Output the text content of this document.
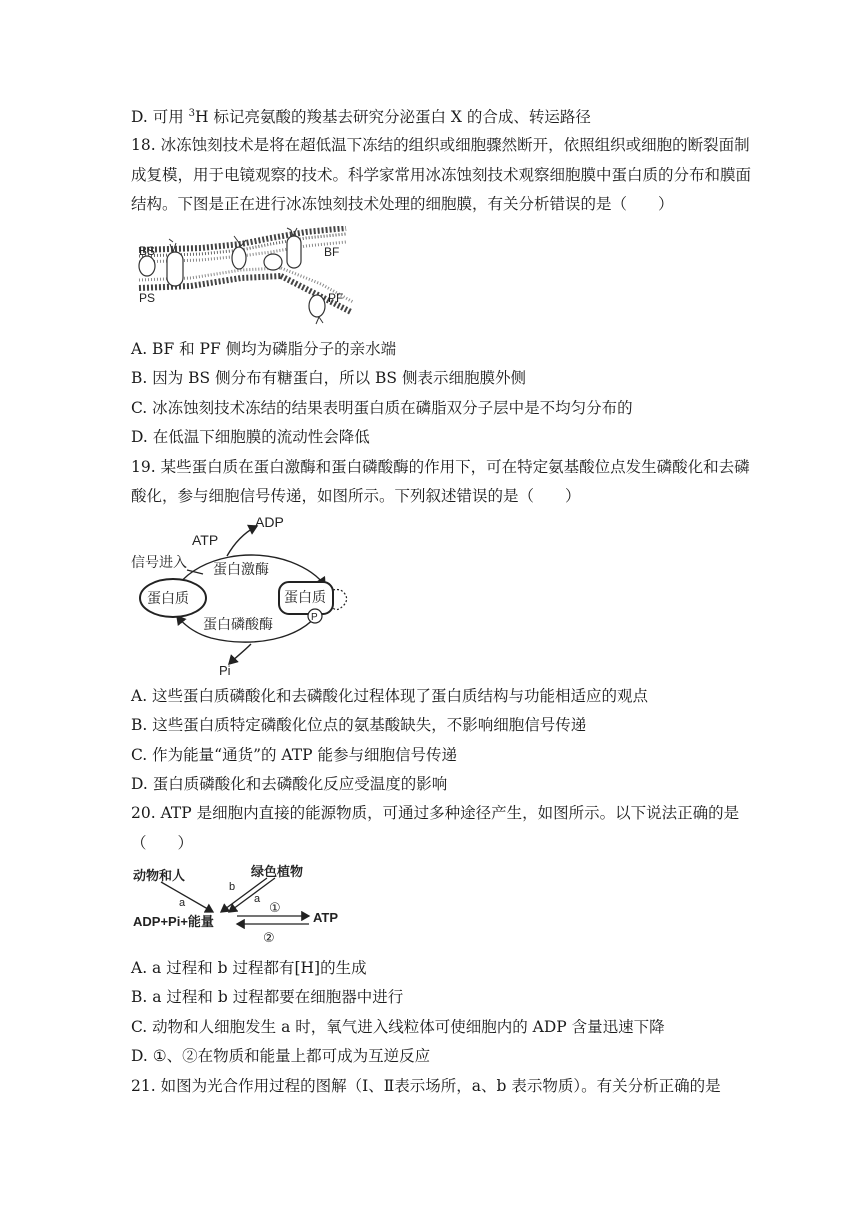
D. 可用 $^3$H 标记亮氨酸的羧基去研究分泌蛋白 X 的合成、转运路径
18. 冰冻蚀刻技术是将在超低温下冻结的组织或细胞骤然断开，依照组织或细胞的断裂面制
成复模，用于电镜观察的技术。科学家常用冰冻蚀刻技术观察细胞膜中蛋白质的分布和膜面
结构。下图是正在进行冰冻蚀刻技术处理的细胞膜，有关分析错误的是（　　）
BS
PS
BF
PF
A. BF 和 PF 侧均为磷脂分子的亲水端
B. 因为 BS 侧分布有糖蛋白，所以 BS 侧表示细胞膜外侧
C. 冰冻蚀刻技术冻结的结果表明蛋白质在磷脂双分子层中是不均匀分布的
D. 在低温下细胞膜的流动性会降低
19. 某些蛋白质在蛋白激酶和蛋白磷酸酶的作用下，可在特定氨基酸位点发生磷酸化和去磷
酸化，参与细胞信号传递，如图所示。下列叙述错误的是（　　）
ADP
ATP
信号进入 蛋白激酶
蛋白质	蛋白质
P
蛋白磷酸酶
Pi
A. 这些蛋白质磷酸化和去磷酸化过程体现了蛋白质结构与功能相适应的观点
B. 这些蛋白质特定磷酸化位点的氨基酸缺失，不影响细胞信号传递
C. 作为能量“通货”的 ATP 能参与细胞信号传递
D. 蛋白质磷酸化和去磷酸化反应受温度的影响
20. ATP 是细胞内直接的能源物质，可通过多种途径产生，如图所示。以下说法正确的是
（　　）
动物和人	绿色植物
a
b
a
①
ADP+Pi+能量	ATP
②
A. a 过程和 b 过程都有[H]的生成
B. a 过程和 b 过程都要在细胞器中进行
C. 动物和人细胞发生 a 时，氧气进入线粒体可使细胞内的 ADP 含量迅速下降
D. ①、②在物质和能量上都可成为互逆反应
21. 如图为光合作用过程的图解（Ⅰ、Ⅱ表示场所，a、b 表示物质）。有关分析正确的是
